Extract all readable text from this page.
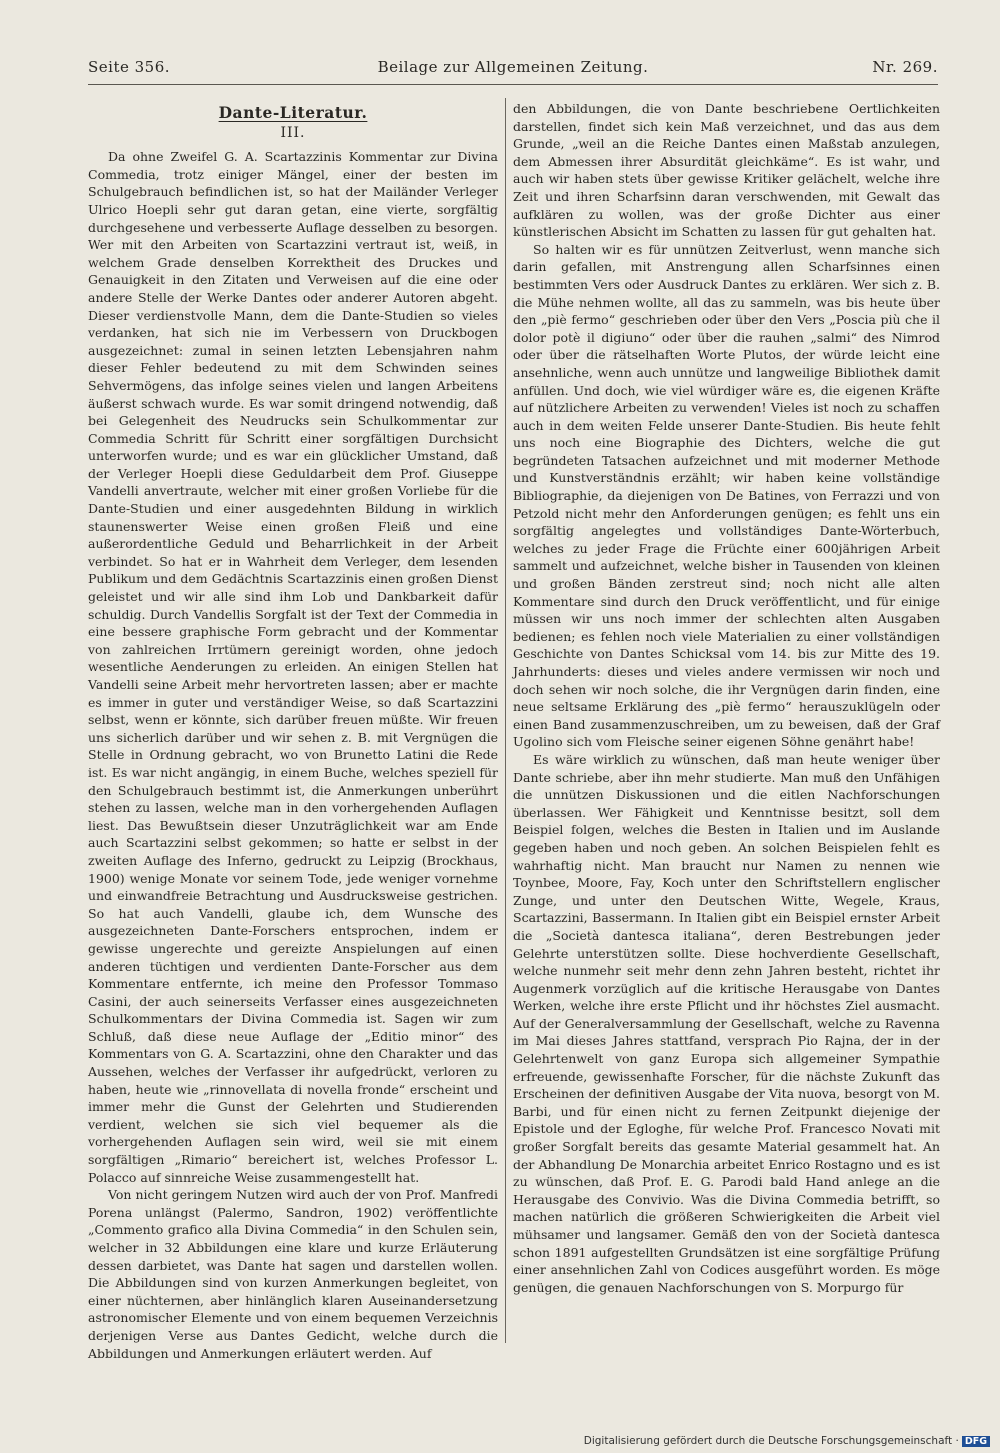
Seite 356.	Beilage zur Allgemeinen Zeitung.	Nr. 269.
Dante-Literatur.
III.

Da ohne Zweifel G. A. Scartazzinis Kommentar zur Divina Commedia, trotz einiger Mängel, einer der besten im Schulgebrauch befindlichen ist, so hat der Mailänder Verleger Ulrico Hoepli sehr gut daran getan, eine vierte, sorgfältig durchgesehene und verbesserte Auflage desselben zu besorgen. Wer mit den Arbeiten von Scartazzini vertraut ist, weiß, in welchem Grade denselben Korrektheit des Druckes und Genauigkeit in den Zitaten und Verweisen auf die eine oder andere Stelle der Werke Dantes oder anderer Autoren abgeht. Dieser verdienstvolle Mann, dem die Dante-Studien so vieles verdanken, hat sich nie im Verbessern von Druckbogen ausgezeichnet: zumal in seinen letzten Lebensjahren nahm dieser Fehler bedeutend zu mit dem Schwinden seines Sehvermögens, das infolge seines vielen und langen Arbeitens äußerst schwach wurde. Es war somit dringend notwendig, daß bei Gelegenheit des Neudrucks sein Schulkommentar zur Commedia Schritt für Schritt einer sorgfältigen Durchsicht unterworfen wurde; und es war ein glücklicher Umstand, daß der Verleger Hoepli diese Geduldarbeit dem Prof. Giuseppe Vandelli anvertraute, welcher mit einer großen Vorliebe für die Dante-Studien und einer ausgedehnten Bildung in wirklich staunenswerter Weise einen großen Fleiß und eine außerordentliche Geduld und Beharrlichkeit in der Arbeit verbindet. So hat er in Wahrheit dem Verleger, dem lesenden Publikum und dem Gedächtnis Scartazzinis einen großen Dienst geleistet und wir alle sind ihm Lob und Dankbarkeit dafür schuldig. Durch Vandellis Sorgfalt ist der Text der Commedia in eine bessere graphische Form gebracht und der Kommentar von zahlreichen Irrtümern gereinigt worden, ohne jedoch wesentliche Aenderungen zu erleiden. An einigen Stellen hat Vandelli seine Arbeit mehr hervortreten lassen; aber er machte es immer in guter und verständiger Weise, so daß Scartazzini selbst, wenn er könnte, sich darüber freuen müßte. Wir freuen uns sicherlich darüber und wir sehen z. B. mit Vergnügen die Stelle in Ordnung gebracht, wo von Brunetto Latini die Rede ist. Es war nicht angängig, in einem Buche, welches speziell für den Schulgebrauch bestimmt ist, die Anmerkungen unberührt stehen zu lassen, welche man in den vorhergehenden Auflagen liest. Das Bewußtsein dieser Unzuträglichkeit war am Ende auch Scartazzini selbst gekommen; so hatte er selbst in der zweiten Auflage des Inferno, gedruckt zu Leipzig (Brockhaus, 1900) wenige Monate vor seinem Tode, jede weniger vornehme und einwandfreie Betrachtung und Ausdrucksweise gestrichen. So hat auch Vandelli, glaube ich, dem Wunsche des ausgezeichneten Dante-Forschers entsprochen, indem er gewisse ungerechte und gereizte Anspielungen auf einen anderen tüchtigen und verdienten Dante-Forscher aus dem Kommentare entfernte, ich meine den Professor Tommaso Casini, der auch seinerseits Verfasser eines ausgezeichneten Schulkommentars der Divina Commedia ist. Sagen wir zum Schluß, daß diese neue Auflage der „Editio minor“ des Kommentars von G. A. Scartazzini, ohne den Charakter und das Aussehen, welches der Verfasser ihr aufgedrückt, verloren zu haben, heute wie „rinnovellata di novella fronde“ erscheint und immer mehr die Gunst der Gelehrten und Studierenden verdient, welchen sie sich viel bequemer als die vorhergehenden Auflagen sein wird, weil sie mit einem sorgfältigen „Rimario“ bereichert ist, welches Professor L. Polacco auf sinnreiche Weise zusammengestellt hat.

Von nicht geringem Nutzen wird auch der von Prof. Manfredi Porena unlängst (Palermo, Sandron, 1902) veröffentlichte „Commento grafico alla Divina Commedia“ in den Schulen sein, welcher in 32 Abbildungen eine klare und kurze Erläuterung dessen darbietet, was Dante hat sagen und darstellen wollen. Die Abbildungen sind von kurzen Anmerkungen begleitet, von einer nüchternen, aber hinlänglich klaren Auseinandersetzung astronomischer Elemente und von einem bequemen Verzeichnis derjenigen Verse aus Dantes Gedicht, welche durch die Abbildungen und Anmerkungen erläutert werden. Auf

den Abbildungen, die von Dante beschriebene Oertlichkeiten darstellen, findet sich kein Maß verzeichnet, und das aus dem Grunde, „weil an die Reiche Dantes einen Maßstab anzulegen, dem Abmessen ihrer Absurdität gleichkäme“. Es ist wahr, und auch wir haben stets über gewisse Kritiker gelächelt, welche ihre Zeit und ihren Scharfsinn daran verschwenden, mit Gewalt das aufklären zu wollen, was der große Dichter aus einer künstlerischen Absicht im Schatten zu lassen für gut gehalten hat.

So halten wir es für unnützen Zeitverlust, wenn manche sich darin gefallen, mit Anstrengung allen Scharfsinnes einen bestimmten Vers oder Ausdruck Dantes zu erklären. Wer sich z. B. die Mühe nehmen wollte, all das zu sammeln, was bis heute über den „piè fermo“ geschrieben oder über den Vers „Poscia più che il dolor potè il digiuno“ oder über die rauhen „salmi“ des Nimrod oder über die rätselhaften Worte Plutos, der würde leicht eine ansehnliche, wenn auch unnütze und langweilige Bibliothek damit anfüllen. Und doch, wie viel würdiger wäre es, die eigenen Kräfte auf nützlichere Arbeiten zu verwenden! Vieles ist noch zu schaffen auch in dem weiten Felde unserer Dante-Studien. Bis heute fehlt uns noch eine Biographie des Dichters, welche die gut begründeten Tatsachen aufzeichnet und mit moderner Methode und Kunstverständnis erzählt; wir haben keine vollständige Bibliographie, da diejenigen von De Batines, von Ferrazzi und von Petzold nicht mehr den Anforderungen genügen; es fehlt uns ein sorgfältig angelegtes und vollständiges Dante-Wörterbuch, welches zu jeder Frage die Früchte einer 600jährigen Arbeit sammelt und aufzeichnet, welche bisher in Tausenden von kleinen und großen Bänden zerstreut sind; noch nicht alle alten Kommentare sind durch den Druck veröffentlicht, und für einige müssen wir uns noch immer der schlechten alten Ausgaben bedienen; es fehlen noch viele Materialien zu einer vollständigen Geschichte von Dantes Schicksal vom 14. bis zur Mitte des 19. Jahrhunderts: dieses und vieles andere vermissen wir noch und doch sehen wir noch solche, die ihr Vergnügen darin finden, eine neue seltsame Erklärung des „piè fermo“ herauszuklügeln oder einen Band zusammenzuschreiben, um zu beweisen, daß der Graf Ugolino sich vom Fleische seiner eigenen Söhne genährt habe!

Es wäre wirklich zu wünschen, daß man heute weniger über Dante schriebe, aber ihn mehr studierte. Man muß den Unfähigen die unnützen Diskussionen und die eitlen Nachforschungen überlassen. Wer Fähigkeit und Kenntnisse besitzt, soll dem Beispiel folgen, welches die Besten in Italien und im Auslande gegeben haben und noch geben. An solchen Beispielen fehlt es wahrhaftig nicht. Man braucht nur Namen zu nennen wie Toynbee, Moore, Fay, Koch unter den Schriftstellern englischer Zunge, und unter den Deutschen Witte, Wegele, Kraus, Scartazzini, Bassermann. In Italien gibt ein Beispiel ernster Arbeit die „Società dantesca italiana“, deren Bestrebungen jeder Gelehrte unterstützen sollte. Diese hochverdiente Gesellschaft, welche nunmehr seit mehr denn zehn Jahren besteht, richtet ihr Augenmerk vorzüglich auf die kritische Herausgabe von Dantes Werken, welche ihre erste Pflicht und ihr höchstes Ziel ausmacht. Auf der Generalversammlung der Gesellschaft, welche zu Ravenna im Mai dieses Jahres stattfand, versprach Pio Rajna, der in der Gelehrtenwelt von ganz Europa sich allgemeiner Sympathie erfreuende, gewissenhafte Forscher, für die nächste Zukunft das Erscheinen der definitiven Ausgabe der Vita nuova, besorgt von M. Barbi, und für einen nicht zu fernen Zeitpunkt diejenige der Epistole und der Egloghe, für welche Prof. Francesco Novati mit großer Sorgfalt bereits das gesamte Material gesammelt hat. An der Abhandlung De Monarchia arbeitet Enrico Rostagno und es ist zu wünschen, daß Prof. E. G. Parodi bald Hand anlege an die Herausgabe des Convivio. Was die Divina Commedia betrifft, so machen natürlich die größeren Schwierigkeiten die Arbeit viel mühsamer und langsamer. Gemäß den von der Società dantesca schon 1891 aufgestellten Grundsätzen ist eine sorgfältige Prüfung einer ansehnlichen Zahl von Codices ausgeführt worden. Es möge genügen, die genauen Nachforschungen von S. Morpurgo für

Digitalisierung gefördert durch die Deutsche Forschungsgemeinschaft · DFG
